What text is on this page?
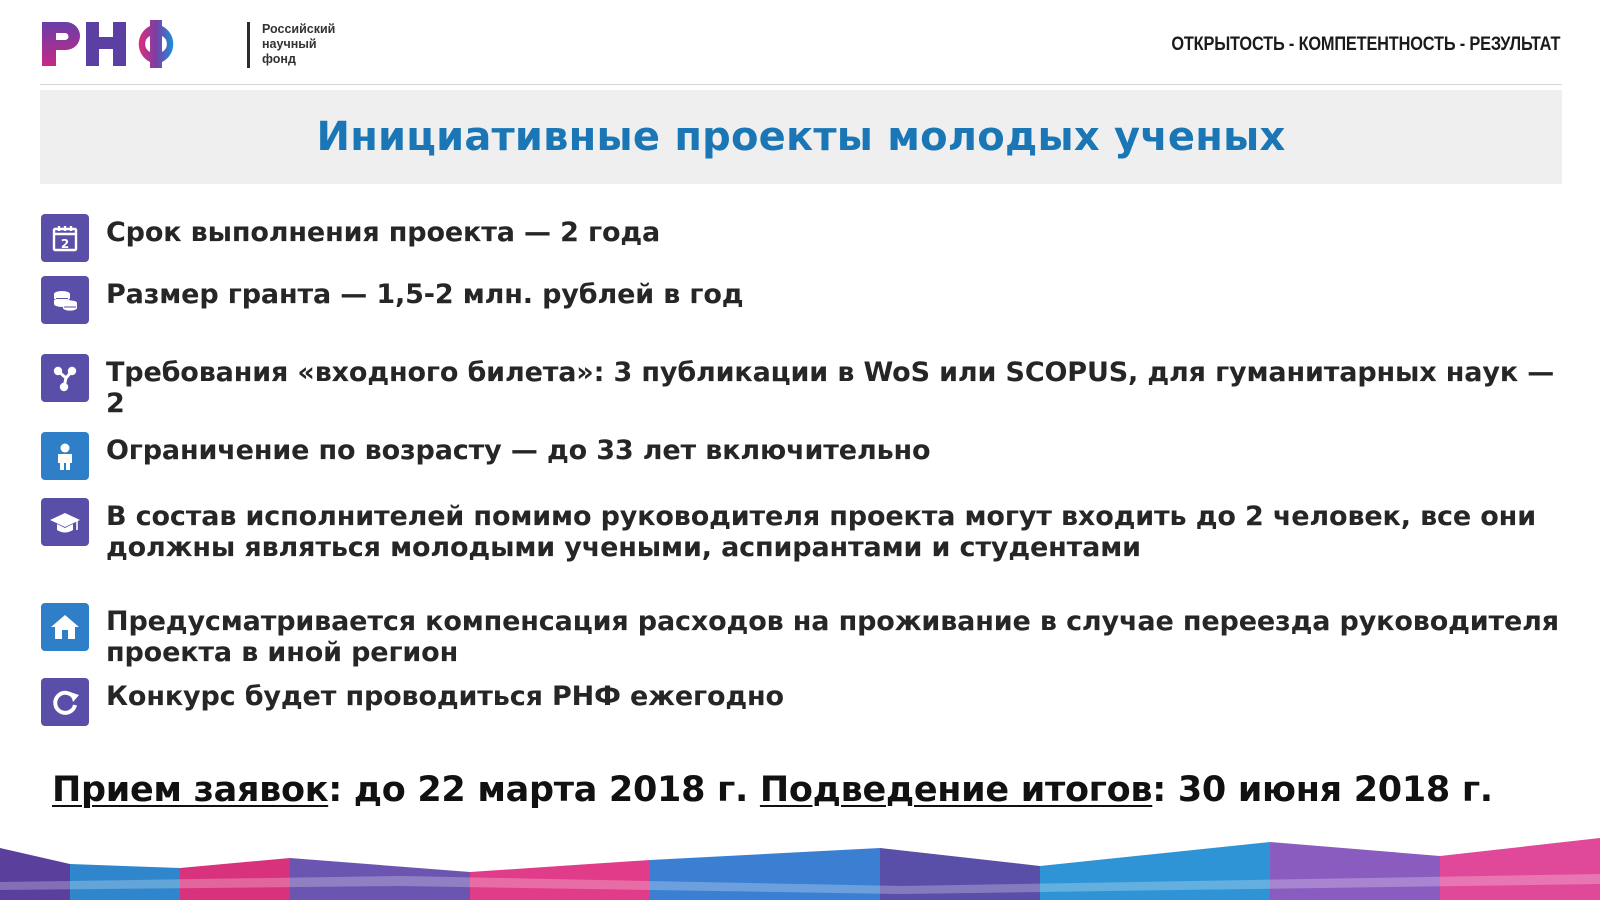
Российский
научный
фонд
ОТКРЫТОСТЬ - КОМПЕТЕНТНОСТЬ - РЕЗУЛЬТАТ
Инициативные проекты молодых ученых
2 Срок выполнения проекта — 2 года
Размер гранта — 1,5-2 млн. рублей в год
Требования «входного билета»: 3 публикации в WoS или SCOPUS, для гуманитарных наук — 2
Ограничение по возрасту — до 33 лет включительно
В состав исполнителей помимо руководителя проекта могут входить до 2 человек, все они должны являться молодыми учеными, аспирантами и студентами
Предусматривается компенсация расходов на проживание в случае переезда руководителя проекта в иной регион
Конкурс будет проводиться РНФ ежегодно
Прием заявок: до 22 марта 2018 г. Подведение итогов: 30 июня 2018 г.
